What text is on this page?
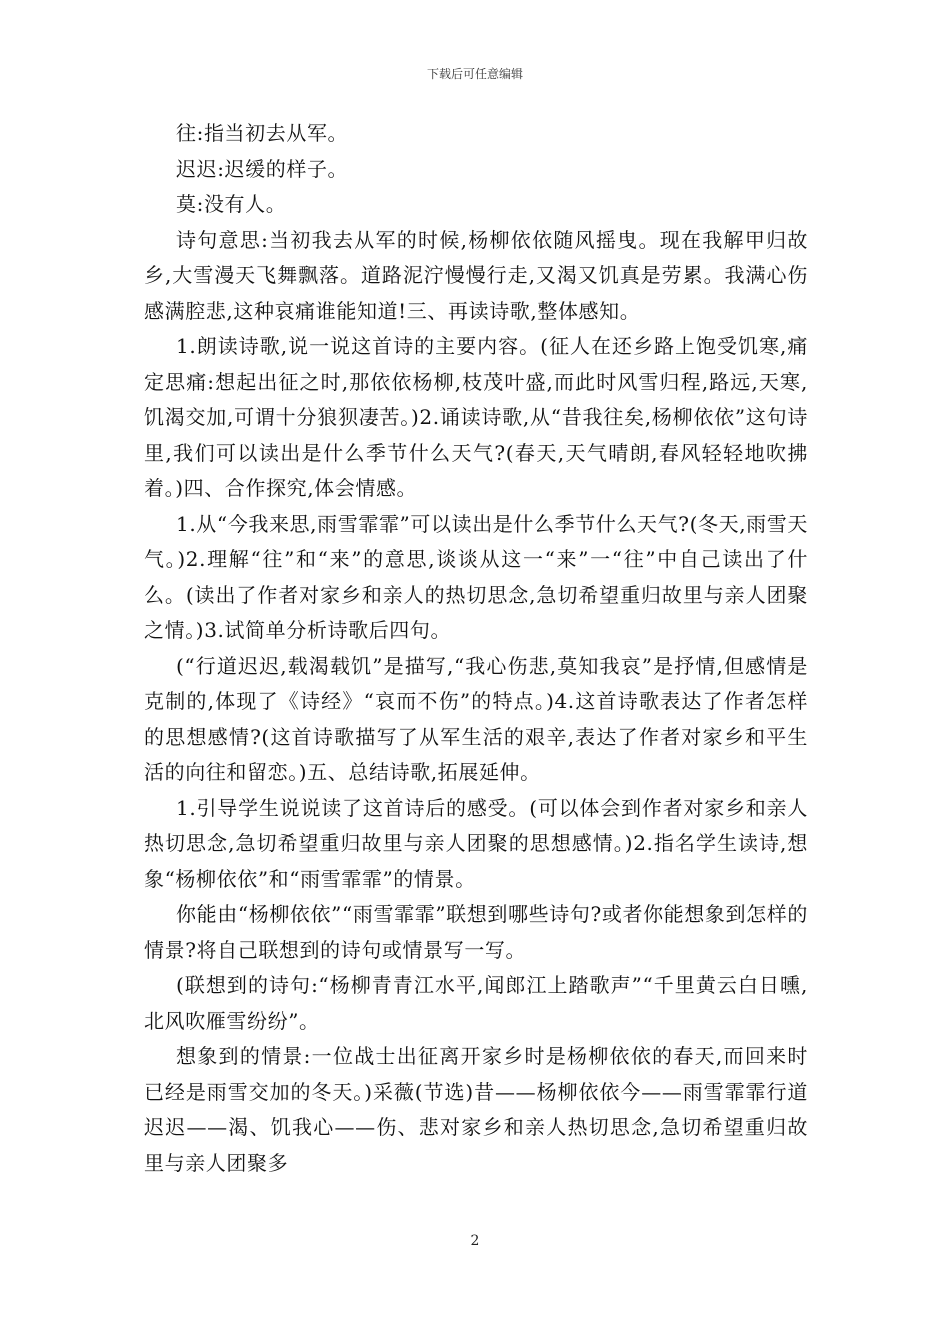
下载后可任意编辑

往:指当初去从军。

迟迟:迟缓的样子。

莫:没有人。

诗句意思:当初我去从军的时候,杨柳依依随风摇曳。现在我解甲归故乡,大雪漫天飞舞飘落。道路泥泞慢慢行走,又渴又饥真是劳累。我满心伤感满腔悲,这种哀痛谁能知道!三、再读诗歌,整体感知。

1.朗读诗歌,说一说这首诗的主要内容。(征人在还乡路上饱受饥寒,痛定思痛:想起出征之时,那依依杨柳,枝茂叶盛,而此时风雪归程,路远,天寒,饥渴交加,可谓十分狼狈凄苦。)2.诵读诗歌,从“昔我往矣,杨柳依依”这句诗里,我们可以读出是什么季节什么天气?(春天,天气晴朗,春风轻轻地吹拂着。)四、合作探究,体会情感。

1.从“今我来思,雨雪霏霏”可以读出是什么季节什么天气?(冬天,雨雪天气。)2.理解“往”和“来”的意思,谈谈从这一“来”一“往”中自己读出了什么。(读出了作者对家乡和亲人的热切思念,急切希望重归故里与亲人团聚之情。)3.试简单分析诗歌后四句。

(“行道迟迟,载渴载饥”是描写,“我心伤悲,莫知我哀”是抒情,但感情是克制的,体现了《诗经》“哀而不伤”的特点。)4.这首诗歌表达了作者怎样的思想感情?(这首诗歌描写了从军生活的艰辛,表达了作者对家乡和平生活的向往和留恋。)五、总结诗歌,拓展延伸。

1.引导学生说说读了这首诗后的感受。(可以体会到作者对家乡和亲人热切思念,急切希望重归故里与亲人团聚的思想感情。)2.指名学生读诗,想象“杨柳依依”和“雨雪霏霏”的情景。

你能由“杨柳依依”“雨雪霏霏”联想到哪些诗句?或者你能想象到怎样的情景?将自己联想到的诗句或情景写一写。

(联想到的诗句:“杨柳青青江水平,闻郎江上踏歌声”“千里黄云白日曛,北风吹雁雪纷纷”。

想象到的情景:一位战士出征离开家乡时是杨柳依依的春天,而回来时已经是雨雪交加的冬天。)采薇(节选)昔——杨柳依依今——雨雪霏霏行道迟迟——渴、饥我心——伤、悲对家乡和亲人热切思念,急切希望重归故里与亲人团聚多

2
